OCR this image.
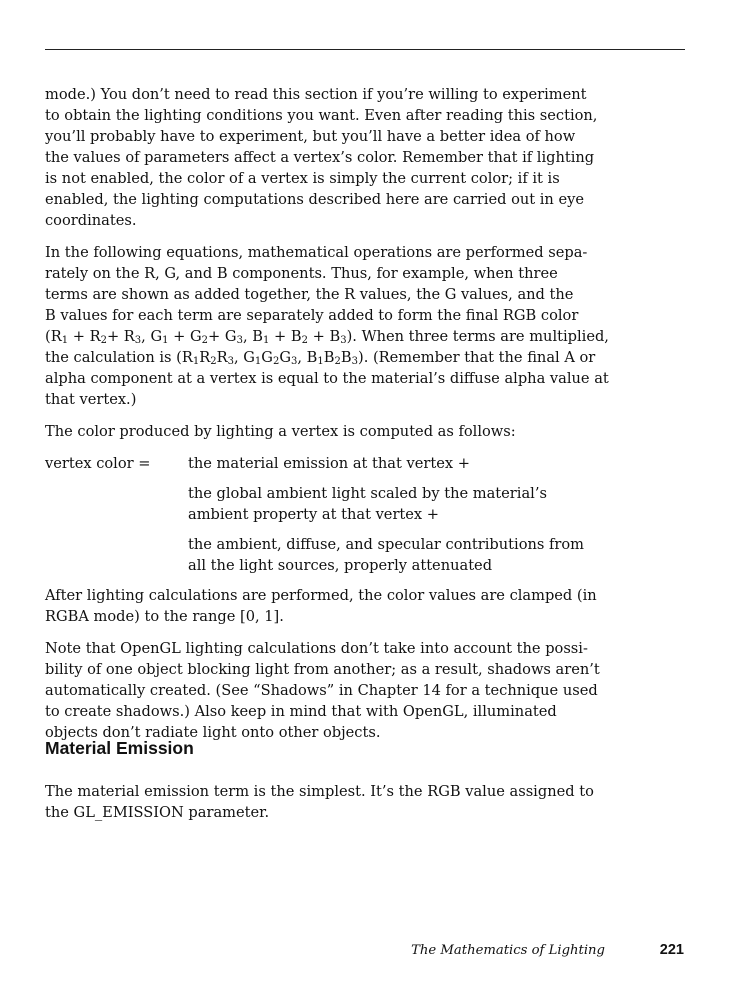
mode.) You don’t need to read this section if you’re willing to experiment
to obtain the lighting conditions you want. Even after reading this section,
you’ll probably have to experiment, but you’ll have a better idea of how
the values of parameters affect a vertex’s color. Remember that if lighting
is not enabled, the color of a vertex is simply the current color; if it is
enabled, the lighting computations described here are carried out in eye
coordinates.

In the following equations, mathematical operations are performed sepa-
rately on the R, G, and B components. Thus, for example, when three
terms are shown as added together, the R values, the G values, and the
B values for each term are separately added to form the final RGB color
($R_1 + R_2+ R_3$, $G_1 + G_2+ G_3$, $B_1 + B_2 + B_3$). When three terms are multiplied,
the calculation is ($R_1R_2R_3$, $G_1G_2G_3$, $B_1B_2B_3$). (Remember that the final A or
alpha component at a vertex is equal to the material’s diffuse alpha value at
that vertex.)

The color produced by lighting a vertex is computed as follows:

vertex color =	the material emission at that vertex +
the global ambient light scaled by the material’s
ambient property at that vertex +
the ambient, diffuse, and specular contributions from
all the light sources, properly attenuated

After lighting calculations are performed, the color values are clamped (in
RGBA mode) to the range [0, 1].

Note that OpenGL lighting calculations don’t take into account the possi-
bility of one object blocking light from another; as a result, shadows aren’t
automatically created. (See “Shadows” in Chapter 14 for a technique used
to create shadows.) Also keep in mind that with OpenGL, illuminated
objects don’t radiate light onto other objects.

Material Emission

The material emission term is the simplest. It’s the RGB value assigned to
the GL_EMISSION parameter.

The Mathematics of Lighting	221
